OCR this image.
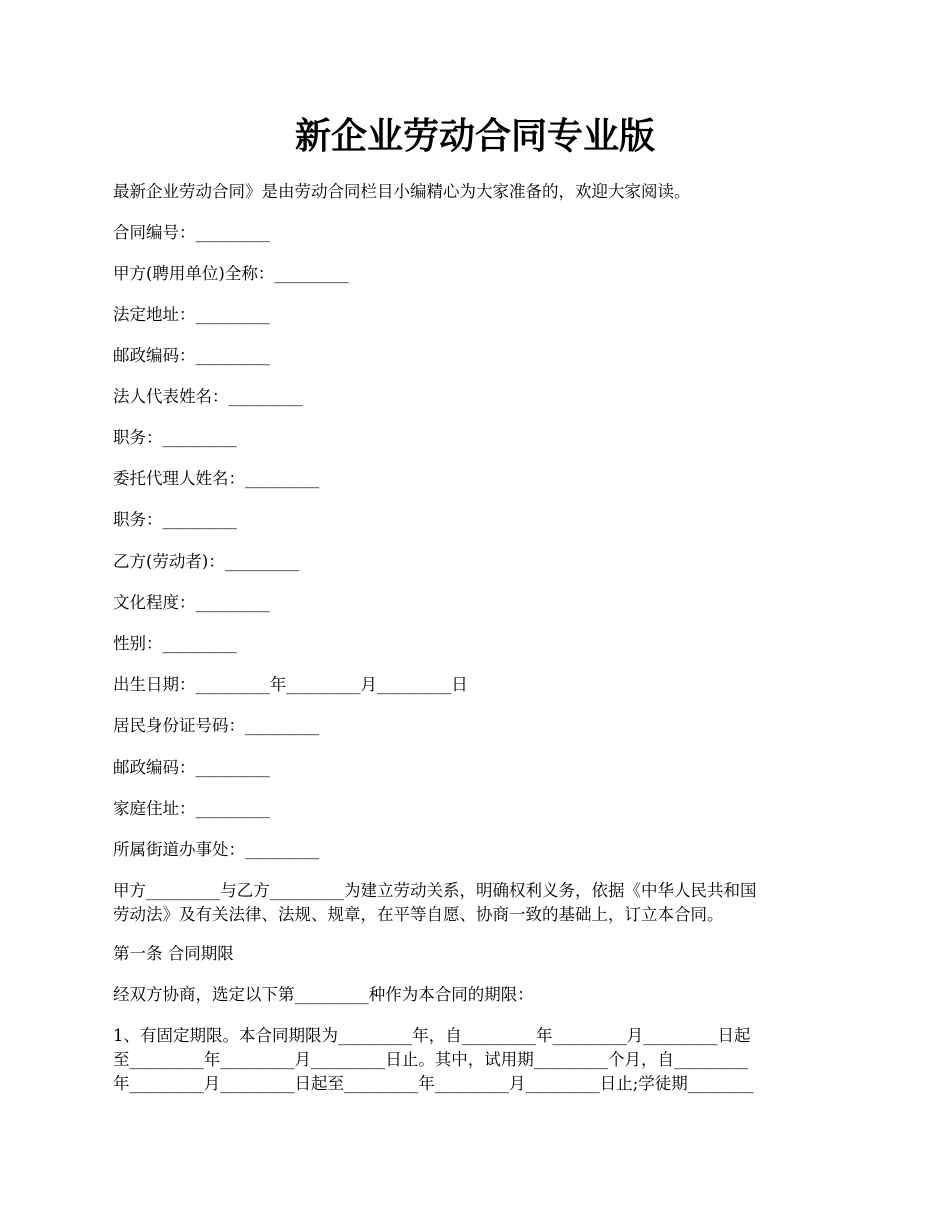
新企业劳动合同专业版

最新企业劳动合同》是由劳动合同栏目小编精心为大家准备的，欢迎大家阅读。

合同编号：_________

甲方(聘用单位)全称：_________

法定地址：_________

邮政编码：_________

法人代表姓名：_________

职务：_________

委托代理人姓名：_________

职务：_________

乙方(劳动者)：_________

文化程度：_________

性别：_________

出生日期：_________年_________月_________日

居民身份证号码：_________

邮政编码：_________

家庭住址：_________

所属街道办事处：_________

甲方_________与乙方_________为建立劳动关系，明确权利义务，依据《中华人民共和国
劳动法》及有关法律、法规、规章，在平等自愿、协商一致的基础上，订立本合同。

第一条 合同期限

经双方协商，选定以下第_________种作为本合同的期限：

1、有固定期限。本合同期限为_________年，自_________年_________月_________日起
至_________年_________月_________日止。其中，试用期_________个月，自_________
年_________月_________日起至_________年_________月_________日止;学徒期________
